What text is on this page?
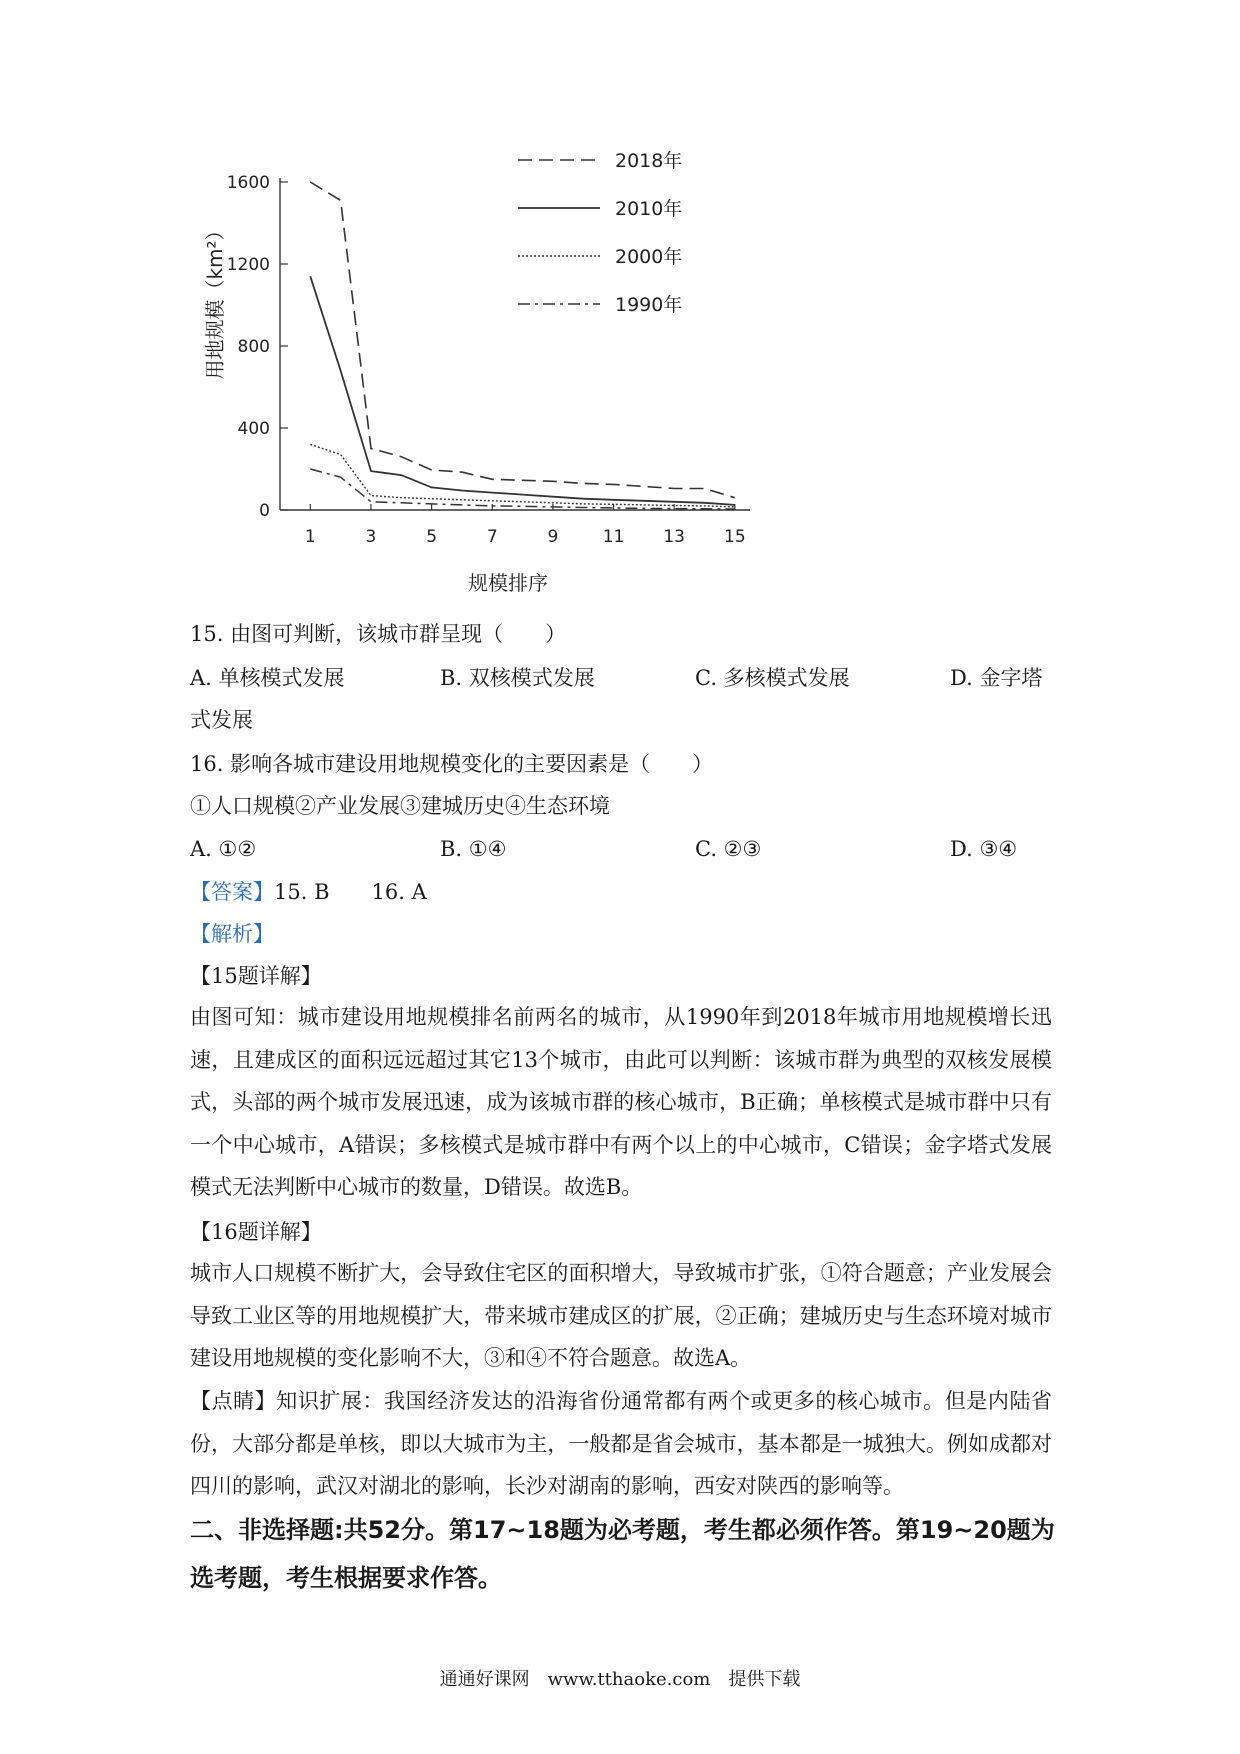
0
400
800
1200
1600
1	3	5	7	9	11 13 15
2018年
2010年
2000年
1990年
用地规模（km²）
规模排序
15. 由图可判断，该城市群呈现（　　）
A. 单核模式发展	B. 双核模式发展	C. 多核模式发展	D. 金字塔
式发展
16. 影响各城市建设用地规模变化的主要因素是（　　）
①人口规模②产业发展③建城历史④生态环境
A. ①②	B. ①④	C. ②③	D. ③④
【答案】15. B　　16. A
【解析】
【15题详解】
由图可知：城市建设用地规模排名前两名的城市，从1990年到2018年城市用地规模增长迅速，且建成区的面积远远超过其它13个城市，由此可以判断：该城市群为典型的双核发展模式，头部的两个城市发展迅速，成为该城市群的核心城市，B正确；单核模式是城市群中只有一个中心城市，A错误；多核模式是城市群中有两个以上的中心城市，C错误；金字塔式发展模式无法判断中心城市的数量，D错误。故选B。
【16题详解】
城市人口规模不断扩大，会导致住宅区的面积增大，导致城市扩张，①符合题意；产业发展会导致工业区等的用地规模扩大，带来城市建成区的扩展，②正确；建城历史与生态环境对城市建设用地规模的变化影响不大，③和④不符合题意。故选A。
【点睛】知识扩展：我国经济发达的沿海省份通常都有两个或更多的核心城市。但是内陆省份，大部分都是单核，即以大城市为主，一般都是省会城市，基本都是一城独大。例如成都对四川的影响，武汉对湖北的影响，长沙对湖南的影响，西安对陕西的影响等。
二、非选择题:共52分。第17~18题为必考题，考生都必须作答。第19~20题为选考题，考生根据要求作答。
通通好课网　www.tthaoke.com　提供下载
